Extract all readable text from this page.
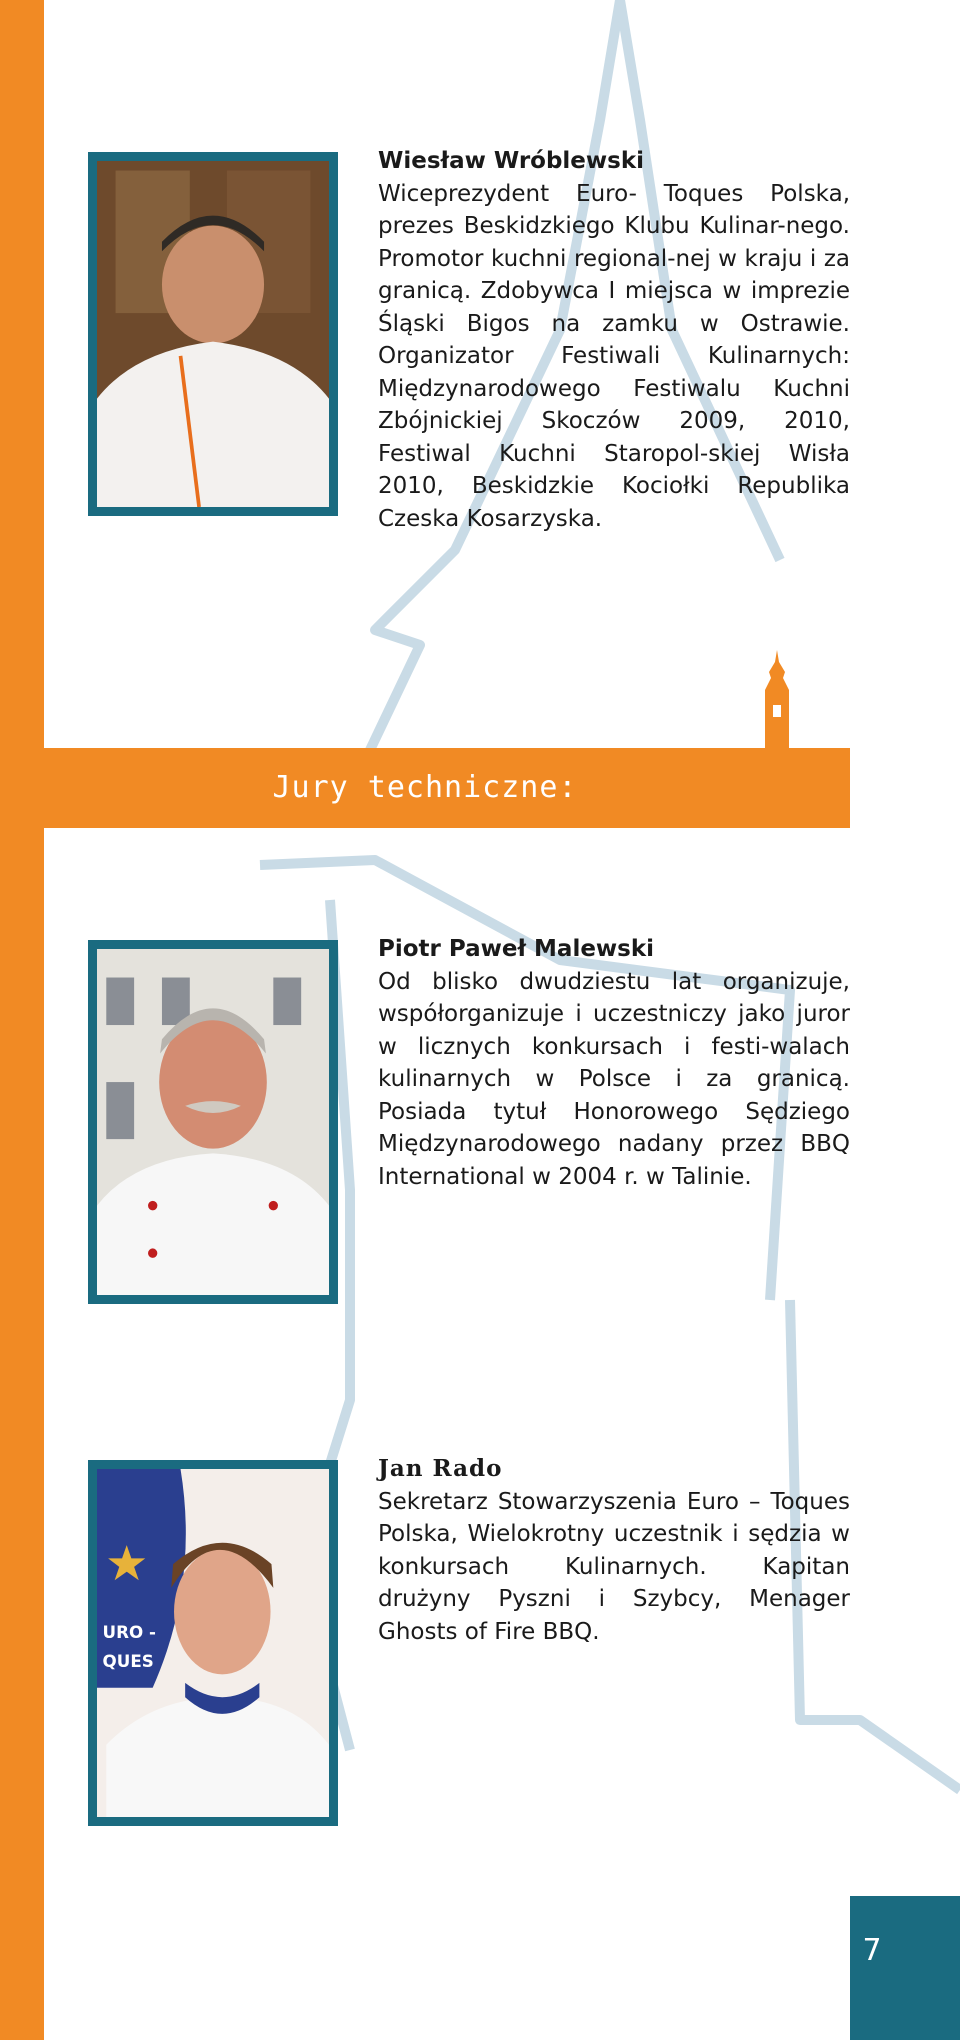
Wiesław Wróblewski
Wiceprezydent Euro- Toques Polska, prezes Beskidzkiego Klubu Kulinar-nego. Promotor kuchni regional-nej w kraju i za granicą. Zdobywca I miejsca w imprezie Śląski Bigos na zamku w Ostrawie. Organizator Festiwali Kulinarnych: Międzynarodowego Festiwalu Kuchni Zbójnickiej Skoczów 2009, 2010, Festiwal Kuchni Staropol-skiej Wisła 2010, Beskidzkie Kociołki Republika Czeska Kosarzyska.
Jury techniczne:
Piotr Paweł Malewski
Od blisko dwudziestu lat organizuje, współorganizuje i uczestniczy jako juror w licznych konkursach i festi-walach kulinarnych w Polsce i za granicą. Posiada tytuł Honorowego Sędziego Międzynarodowego nadany przez BBQ International w 2004 r. w Talinie.
URO -
QUES
Jan Rado
Sekretarz Stowarzyszenia Euro – Toques Polska, Wielokrotny uczestnik i sędzia w konkursach Kulinarnych. Kapitan drużyny Pyszni i Szybcy, Menager Ghosts of Fire BBQ.
7
